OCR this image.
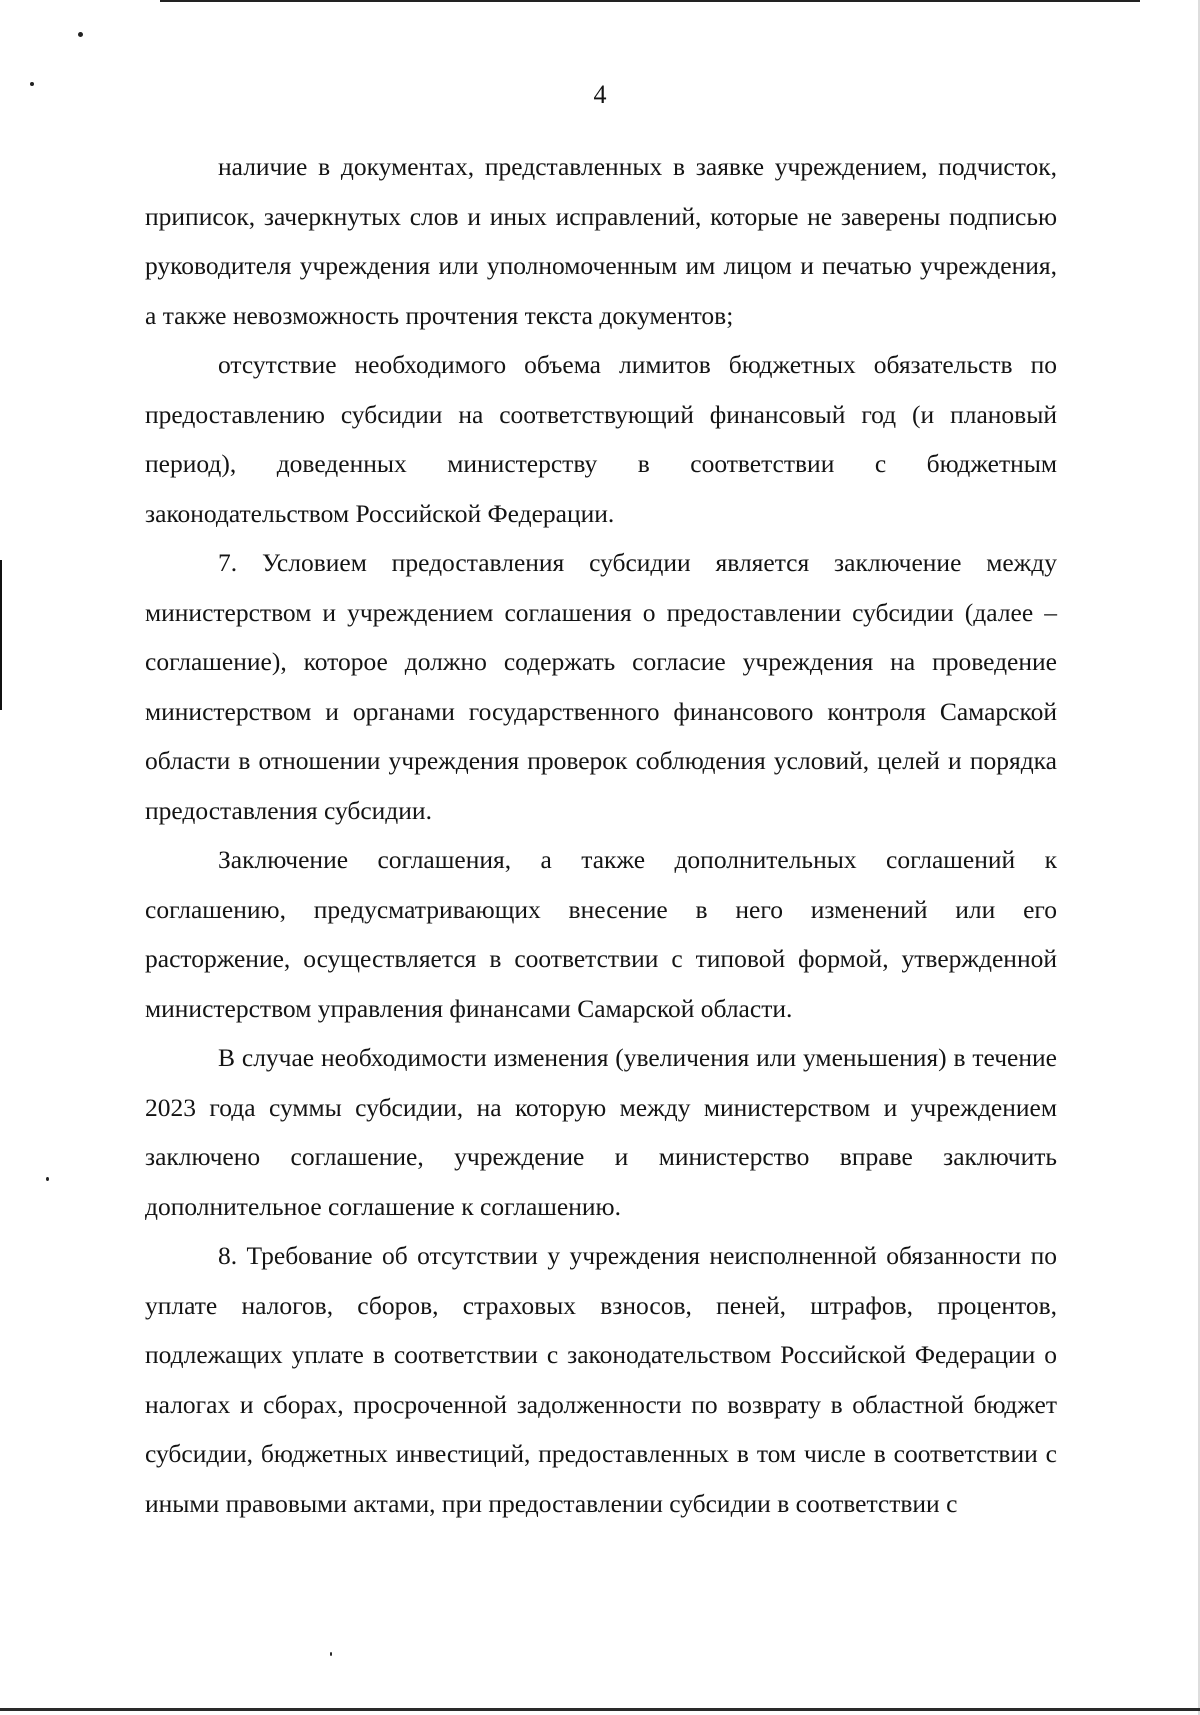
4

наличие в документах, представленных в заявке учреждением, подчисток, приписок, зачеркнутых слов и иных исправлений, которые не заверены подписью руководителя учреждения или уполномоченным им лицом и печатью учреждения, а также невозможность прочтения текста документов;

отсутствие необходимого объема лимитов бюджетных обязательств по предоставлению субсидии на соответствующий финансовый год (и плановый период), доведенных министерству в соответствии с бюджетным законодательством Российской Федерации.

7. Условием предоставления субсидии является заключение между министерством и учреждением соглашения о предоставлении субсидии (далее – соглашение), которое должно содержать согласие учреждения на проведение министерством и органами государственного финансового контроля Самарской области в отношении учреждения проверок соблюдения условий, целей и порядка предоставления субсидии.

Заключение соглашения, а также дополнительных соглашений к соглашению, предусматривающих внесение в него изменений или его расторжение, осуществляется в соответствии с типовой формой, утвержденной министерством управления финансами Самарской области.

В случае необходимости изменения (увеличения или уменьшения) в течение 2023 года суммы субсидии, на которую между министерством и учреждением заключено соглашение, учреждение и министерство вправе заключить дополнительное соглашение к соглашению.

8. Требование об отсутствии у учреждения неисполненной обязанности по уплате налогов, сборов, страховых взносов, пеней, штрафов, процентов, подлежащих уплате в соответствии с законодательством Российской Федерации о налогах и сборах, просроченной задолженности по возврату в областной бюджет субсидии, бюджетных инвестиций, предоставленных в том числе в соответствии с иными правовыми актами, при предоставлении субсидии в соответствии с
